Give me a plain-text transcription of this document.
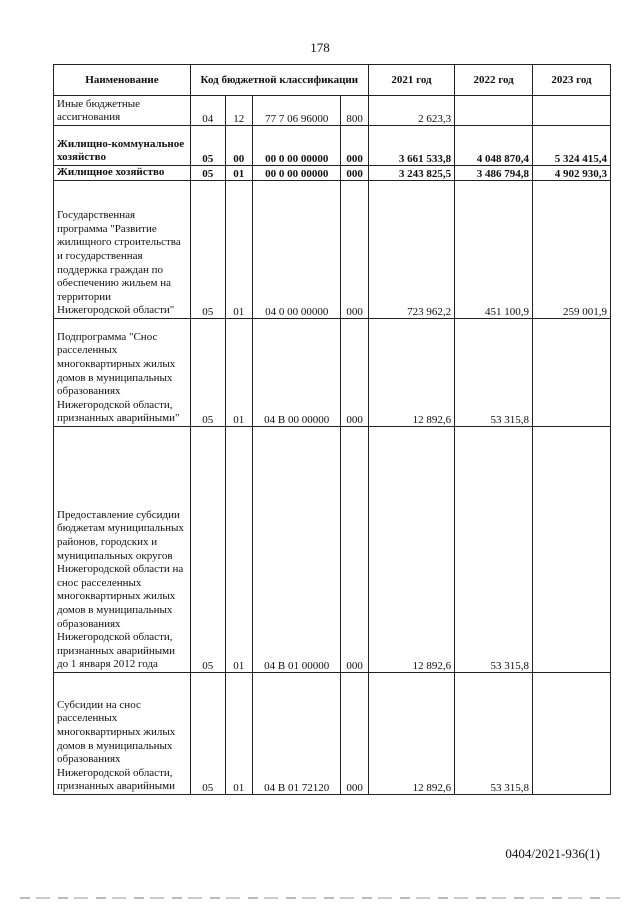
178
Наименование	Код бюджетной классификации				2021 год	2022 год	2023 год
Иные бюджетные ассигнования	04	12	77 7 06 96000	800	2 623,3		
Жилищно-коммунальное хозяйство	05	00	00 0 00 00000	000	3 661 533,8	4 048 870,4	5 324 415,4
Жилищное хозяйство	05	01	00 0 00 00000	000	3 243 825,5	3 486 794,8	4 902 930,3
Государственная программа "Развитие жилищного строительства и государственная поддержка граждан по обеспечению жильем на территории Нижегородской области"	05	01	04 0 00 00000	000	723 962,2	451 100,9	259 001,9
Подпрограмма "Снос расселенных многоквартирных жилых домов в муниципальных образованиях Нижегородской области, признанных аварийными"	05	01	04 В 00 00000	000	12 892,6	53 315,8	
Предоставление субсидии бюджетам муниципальных районов, городских и муниципальных округов Нижегородской области на снос расселенных многоквартирных жилых домов в муниципальных образованиях Нижегородской области, признанных аварийными до 1 января 2012 года	05	01	04 В 01 00000	000	12 892,6	53 315,8	
Субсидии на снос расселенных многоквартирных жилых домов в муниципальных образованиях Нижегородской области, признанных аварийными	05	01	04 В 01 72120	000	12 892,6	53 315,8	
0404/2021-936(1)
